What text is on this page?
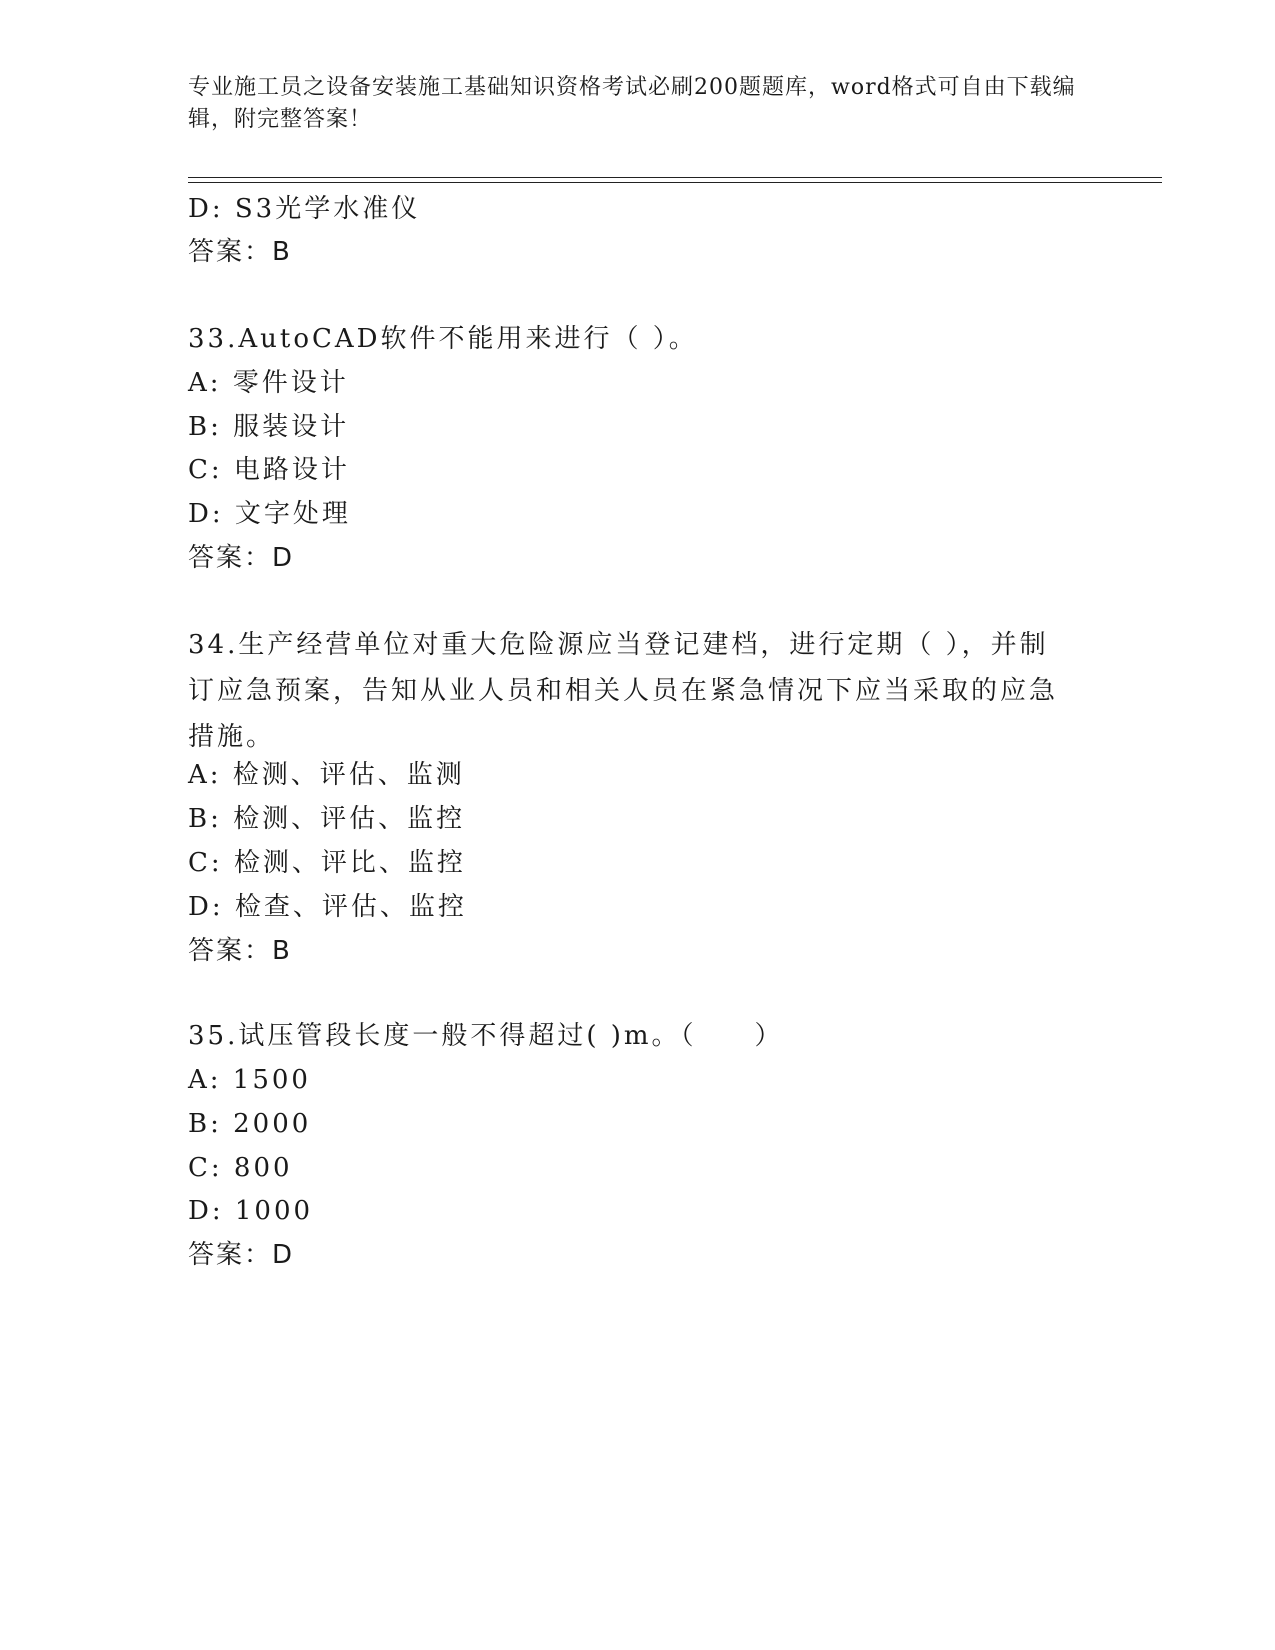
专业施工员之设备安装施工基础知识资格考试必刷200题题库，word格式可自由下载编辑，附完整答案！
D: S3光学水准仪
答案：B
33.AutoCAD软件不能用来进行（ ）。
A: 零件设计
B: 服装设计
C: 电路设计
D: 文字处理
答案：D
34.生产经营单位对重大危险源应当登记建档，进行定期（ ），并制订应急预案，告知从业人员和相关人员在紧急情况下应当采取的应急措施。
A: 检测、评估、监测
B: 检测、评估、监控
C: 检测、评比、监控
D: 检查、评估、监控
答案：B
35.试压管段长度一般不得超过( )m。（　　）
A: 1500
B: 2000
C: 800
D: 1000
答案：D
